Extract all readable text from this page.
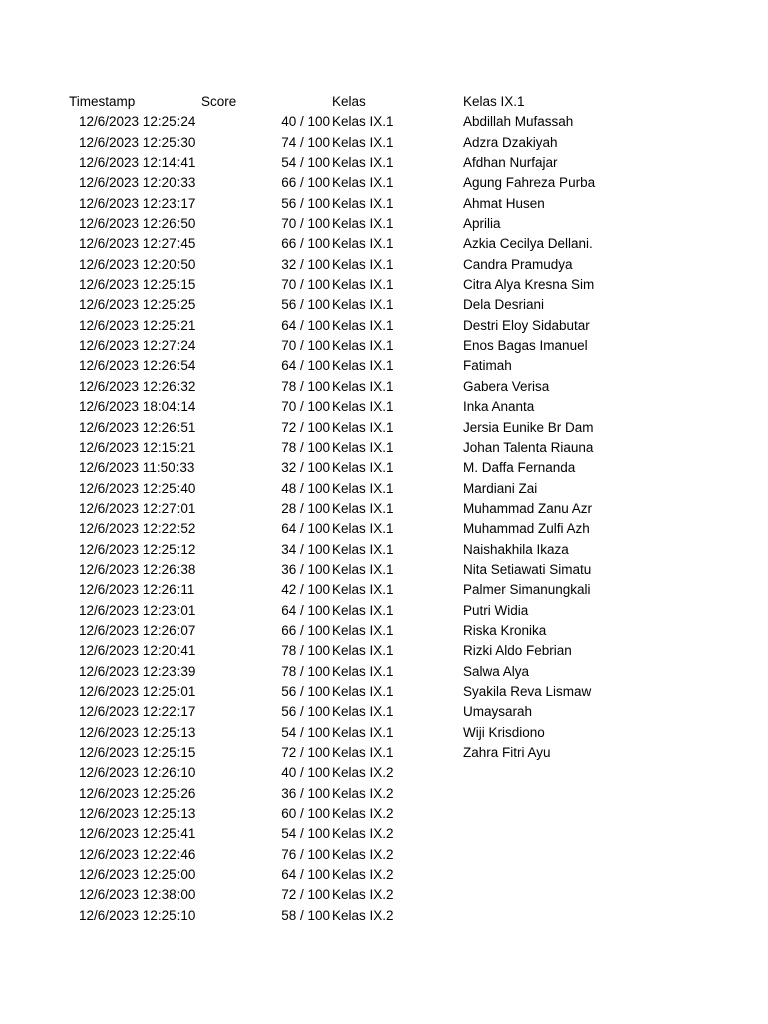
Timestamp	Score	Kelas	Kelas IX.1
12/6/2023 12:25:24	40 / 100 Kelas IX.1	Abdillah Mufassah
12/6/2023 12:25:30	74 / 100 Kelas IX.1	Adzra Dzakiyah
12/6/2023 12:14:41	54 / 100 Kelas IX.1	Afdhan Nurfajar
12/6/2023 12:20:33	66 / 100 Kelas IX.1	Agung Fahreza Purba
12/6/2023 12:23:17	56 / 100 Kelas IX.1	Ahmat Husen
12/6/2023 12:26:50	70 / 100 Kelas IX.1	Aprilia
12/6/2023 12:27:45	66 / 100 Kelas IX.1	Azkia Cecilya Dellani.
12/6/2023 12:20:50	32 / 100 Kelas IX.1	Candra Pramudya
12/6/2023 12:25:15	70 / 100 Kelas IX.1	Citra Alya Kresna Sim
12/6/2023 12:25:25	56 / 100 Kelas IX.1	Dela Desriani
12/6/2023 12:25:21	64 / 100 Kelas IX.1	Destri Eloy Sidabutar
12/6/2023 12:27:24	70 / 100 Kelas IX.1	Enos Bagas Imanuel
12/6/2023 12:26:54	64 / 100 Kelas IX.1	Fatimah
12/6/2023 12:26:32	78 / 100 Kelas IX.1	Gabera Verisa
12/6/2023 18:04:14	70 / 100 Kelas IX.1	Inka Ananta
12/6/2023 12:26:51	72 / 100 Kelas IX.1	Jersia Eunike Br Dam
12/6/2023 12:15:21	78 / 100 Kelas IX.1	Johan Talenta Riauna
12/6/2023 11:50:33	32 / 100 Kelas IX.1	M. Daffa Fernanda
12/6/2023 12:25:40	48 / 100 Kelas IX.1	Mardiani Zai
12/6/2023 12:27:01	28 / 100 Kelas IX.1	Muhammad Zanu Azr
12/6/2023 12:22:52	64 / 100 Kelas IX.1	Muhammad Zulfi Azh
12/6/2023 12:25:12	34 / 100 Kelas IX.1	Naishakhila Ikaza
12/6/2023 12:26:38	36 / 100 Kelas IX.1	Nita Setiawati Simatu
12/6/2023 12:26:11	42 / 100 Kelas IX.1	Palmer Simanungkali
12/6/2023 12:23:01	64 / 100 Kelas IX.1	Putri Widia
12/6/2023 12:26:07	66 / 100 Kelas IX.1	Riska Kronika
12/6/2023 12:20:41	78 / 100 Kelas IX.1	Rizki Aldo Febrian
12/6/2023 12:23:39	78 / 100 Kelas IX.1	Salwa Alya
12/6/2023 12:25:01	56 / 100 Kelas IX.1	Syakila Reva Lismaw
12/6/2023 12:22:17	56 / 100 Kelas IX.1	Umaysarah
12/6/2023 12:25:13	54 / 100 Kelas IX.1	Wiji Krisdiono
12/6/2023 12:25:15	72 / 100 Kelas IX.1	Zahra Fitri Ayu
12/6/2023 12:26:10	40 / 100 Kelas IX.2
12/6/2023 12:25:26	36 / 100 Kelas IX.2
12/6/2023 12:25:13	60 / 100 Kelas IX.2
12/6/2023 12:25:41	54 / 100 Kelas IX.2
12/6/2023 12:22:46	76 / 100 Kelas IX.2
12/6/2023 12:25:00	64 / 100 Kelas IX.2
12/6/2023 12:38:00	72 / 100 Kelas IX.2
12/6/2023 12:25:10	58 / 100 Kelas IX.2
